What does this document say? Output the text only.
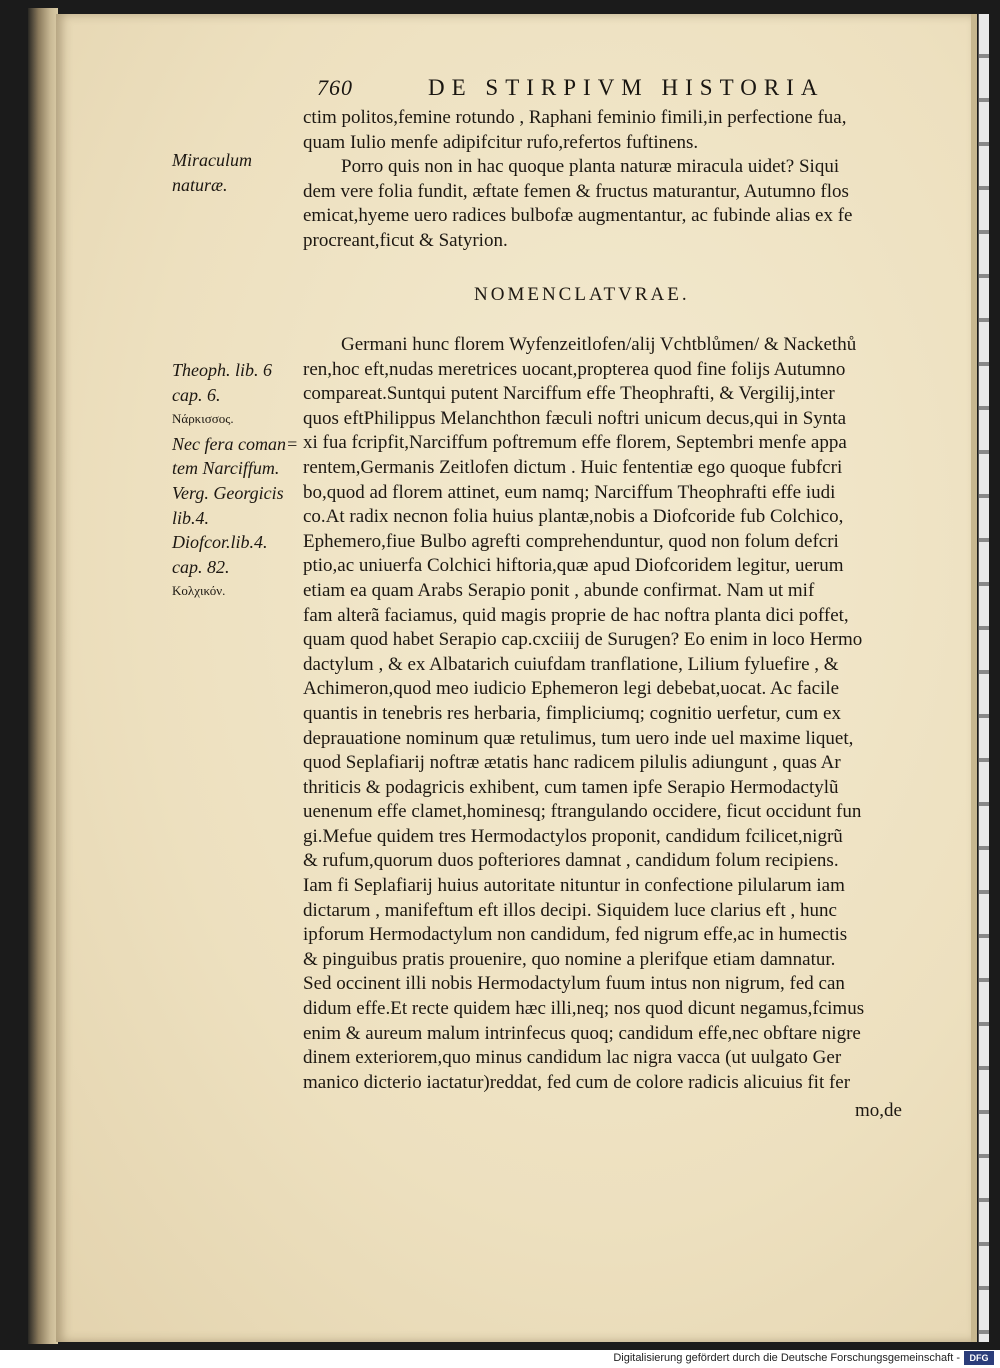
760	DE STIRPIVM HISTORIA
Miraculum
naturæ.
ctim politos,femine rotundo , Raphani feminio fimili,in perfectione fua,
quam Iulio menfe adipifcitur rufo,refertos fuftinens.
Porro quis non in hac quoque planta naturæ miracula uidet? Siqui
dem vere folia fundit, æftate femen & fructus maturantur, Autumno flos
emicat,hyeme uero radices bulbofæ augmentantur, ac fubinde alias ex fe
procreant,ficut & Satyrion.
NOMENCLATVRAE.
Theoph. lib. 6
cap. 6.
Νάρκισσος.
Nec fera coman=
tem Narciffum.
Verg. Georgicis
lib.4.
Diofcor.lib.4.
cap. 82.
Κολχικόν.
Germani hunc florem Wyfenzeitlofen/alij Vchtblůmen/ & Nackethů
ren,hoc eft,nudas meretrices uocant,propterea quod fine folijs Autumno
compareat.Suntqui putent Narciffum effe Theophrafti, & Vergilij,inter
quos eftPhilippus Melanchthon fæculi noftri unicum decus,qui in Synta
xi fua fcripfit,Narciffum poftremum effe florem, Septembri menfe appa
rentem,Germanis Zeitlofen dictum . Huic fententiæ ego quoque fubfcri
bo,quod ad florem attinet, eum namq; Narciffum Theophrafti effe iudi
co.At radix necnon folia huius plantæ,nobis a Diofcoride fub Colchico,
Ephemero,fiue Bulbo agrefti comprehenduntur, quod non folum defcri
ptio,ac uniuerfa Colchici hiftoria,quæ apud Diofcoridem legitur, uerum
etiam ea quam Arabs Serapio ponit , abunde confirmat. Nam ut mif
fam alterã faciamus, quid magis proprie de hac noftra planta dici poffet,
quam quod habet Serapio cap.cxciiij de Surugen? Eo enim in loco Hermo
dactylum , & ex Albatarich cuiufdam tranflatione, Lilium fyluefire , &
Achimeron,quod meo iudicio Ephemeron legi debebat,uocat. Ac facile
quantis in tenebris res herbaria, fimpliciumq; cognitio uerfetur, cum ex
deprauatione nominum quæ retulimus, tum uero inde uel maxime liquet,
quod Seplafiarij noftræ ætatis hanc radicem pilulis adiungunt , quas Ar
thriticis & podagricis exhibent, cum tamen ipfe Serapio Hermodactylũ
uenenum effe clamet,hominesq; ftrangulando occidere, ficut occidunt fun
gi.Mefue quidem tres Hermodactylos proponit, candidum fcilicet,nigrũ
& rufum,quorum duos pofteriores damnat , candidum folum recipiens.
Iam fi Seplafiarij huius autoritate nituntur in confectione pilularum iam
dictarum , manifeftum eft illos decipi. Siquidem luce clarius eft , hunc
ipforum Hermodactylum non candidum, fed nigrum effe,ac in humectis
& pinguibus pratis prouenire, quo nomine a plerifque etiam damnatur.
Sed occinent illi nobis Hermodactylum fuum intus non nigrum, fed can
didum effe.Et recte quidem hæc illi,neq; nos quod dicunt negamus,fcimus
enim & aureum malum intrinfecus quoq; candidum effe,nec obftare nigre
dinem exteriorem,quo minus candidum lac nigra vacca (ut uulgato Ger
manico dicterio iactatur)reddat, fed cum de colore radicis alicuius fit fer
mo,de
Digitalisierung gefördert durch die Deutsche Forschungsgemeinschaft -	DFG
